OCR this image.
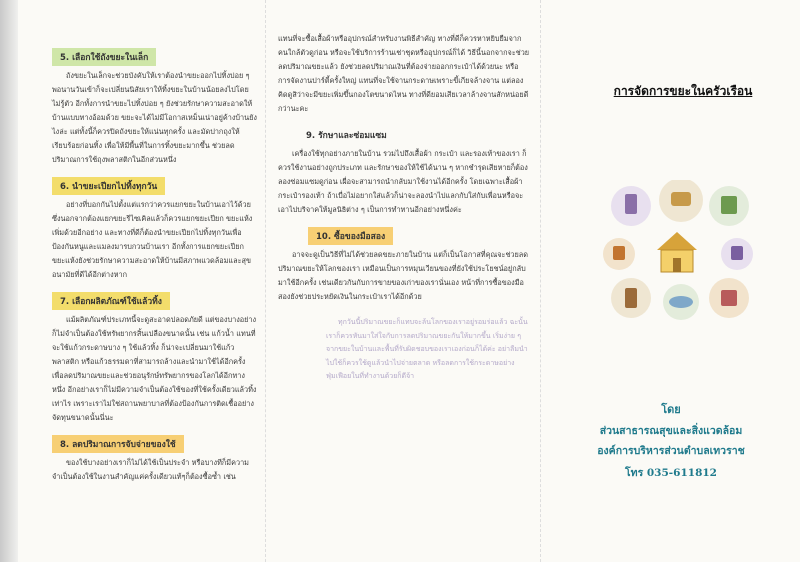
5. เลือกใช้ถังขยะในเล็ก

ถังขยะในเล็กจะช่วยบังคับให้เราต้องนำขยะออกไปทิ้งบ่อย ๆ พอนานวันเข้าก็จะเปลี่ยนนิสัยเราให้ทิ้งขยะในบ้านน้อยลงไปโดยไม่รู้ตัว อีกทั้งการนำขยะไปทิ้งบ่อย ๆ ยังช่วยรักษาความสะอาดให้บ้านแบบทางอ้อมด้วย ขยะจะได้ไม่มีโอกาสเหม็นเน่าอยู่ค้างบ้านยังไงล่ะ แต่ทั้งนี้ก็ควรปิดถังขยะให้แน่นทุกครั้ง และมัดปากถุงให้เรียบร้อยก่อนทิ้ง เพื่อให้มีพื้นที่ในการทิ้งขยะมากขึ้น ช่วยลดปริมาณการใช้ถุงพลาสติกในอีกส่วนหนึ่ง

6. นำขยะเปียกไปทิ้งทุกวัน

อย่างที่บอกกันไปตั้งแต่แรกว่าควรแยกขยะในบ้านเอาไว้ด้วย ซึ่งนอกจากต้องแยกขยะรีไซเคิลแล้วก็ควรแยกขยะเปียก ขยะแห้ง เพิ่มด้วยอีกอย่าง และทางที่ดีก็ต้องนำขยะเปียกไปทิ้งทุกวันเพื่อป้องกันหนูและแมลงมารบกวนบ้านเรา อีกทั้งการแยกขยะเปียกขยะแห้งยังช่วยรักษาความสะอาดให้บ้านมีสภาพแวดล้อมและสุขอนามัยที่ดีได้อีกต่างหาก

7. เลือกผลิตภัณฑ์ใช้แล้วทิ้ง

แม้ผลิตภัณฑ์ประเภทนี้จะดูสะอาดปลอดภัยดี แต่ของบางอย่างก็ไม่จำเป็นต้องใช้ทรัพยากรสิ้นเปลืองขนาดนั้น เช่น แก้วน้ำ แทนที่จะใช้แก้วกระดาษบาง ๆ ใช้แล้วทิ้ง ก็น่าจะเปลี่ยนมาใช้แก้วพลาสติก หรือแก้วธรรมดาที่สามารถล้างและนำมาใช้ได้อีกครั้งเพื่อลดปริมาณขยะและช่วยอนุรักษ์ทรัพยากรของโลกได้อีกทาง หนึ่ง อีกอย่างเราก็ไม่มีความจำเป็นต้องใช้ของที่ใช้ครั้งเดียวแล้วทิ้งเท่าไร เพราะเราไม่ใช่สถานพยาบาลที่ต้องป้องกันการติดเชื้ออย่างจัดทุนขนาดนั้นนี่นะ

8. ลดปริมาณการจับจ่ายของใช้

ของใช้บางอย่างเราก็ไม่ได้ใช้เป็นประจำ หรือบางทีก็มีความจำเป็นต้องใช้ในงานสำคัญแค่ครั้งเดียวแท้ๆก็ต้องซื้อซ้ำ เช่น

แทนที่จะซื้อเสื้อผ้าหรืออุปกรณ์สำหรับงานพิธีสำคัญ ทางที่ดีก็ควรหาหยิบยืมจากคนใกล้ตัวดูก่อน หรือจะใช้บริการร้านเช่าชุดหรืออุปกรณ์ก็ได้ วิธีนี้นอกจากจะช่วยลดปริมาณขยะแล้ว ยังช่วยลดปริมาณเงินที่ต้องจ่ายออกกระเป๋าได้ด้วยนะ หรือการจัดงานปาร์ตี้ครั้งใหญ่ แทนที่จะใช้จานกระดาษเพราะขี้เกียจล้างจาน แต่ลองคิดดูสิว่าจะมีขยะเพิ่มขึ้นกองโตขนาดไหน ทางที่ดียอมเสียเวลาล้างจานสักหน่อยดีกว่านะคะ

9. รักษาและซ่อมแซม

เครื่องใช้ทุกอย่างภายในบ้าน รวมไปถึงเสื้อผ้า กระเป๋า และรองเท้าของเรา ก็ควรใช้งานอย่างถูกประเภท และรักษาของให้ใช้ได้นาน ๆ หากชำรุดเสียหายก็ต้องลองซ่อมแซมดูก่อน เผื่อจะสามารถนำกลับมาใช้งานได้อีกครั้ง โดยเฉพาะเสื้อผ้า กระเป๋ารองเท้า ถ้าเบื่อไม่อยากใส่แล้วก็น่าจะลองนำไปแลกกับใส่กับเพื่อนหรือจะเอาไปบริจาคให้มูลนิธิต่าง ๆ เป็นการทำทานอีกอย่างหนึ่งค่ะ

10. ซื้อของมือสอง

อาจจะดูเป็นวิธีที่ไม่ได้ช่วยลดขยะภายในบ้าน แต่ก็เป็นโอกาสที่คุณจะช่วยลดปริมาณขยะให้โลกของเรา เหมือนเป็นการหมุนเวียนของที่ยังใช้ประโยชน์อยู่กลับมาใช้อีกครั้ง เช่นเดียวกันกับการขายของเก่าของเรานั่นเอง หน้าที่การซื้อของมือสองยังช่วยประหยัดเงินในกระเป๋าเราได้อีกด้วย

ทุกวันนี้ปริมาณขยะก็แทบจะล้นโลกของเราอยู่รอมร่อแล้ว ฉะนั้นเราก็ควรหันมาใส่ใจกับการลดปริมาณขยะกันให้มากขึ้น เริ่มง่าย ๆ จากขยะในบ้านและพื้นที่รับผิดชอบของเราเองก่อนก็ได้ค่ะ อย่าลืมนำไปใช้ก็ควรใช้ดูแล้วนำไปจ่ายตลาด หรือลดการใช้กระดาษอย่างฟุ่มเฟือยในที่ทำงานด้วยก็ดีจ้า

การจัดการขยะในครัวเรือน
โดย
ส่วนสาธารณสุขและสิ่งแวดล้อม
องค์การบริหารส่วนตำบลเทวราช
โทร 035-611812
